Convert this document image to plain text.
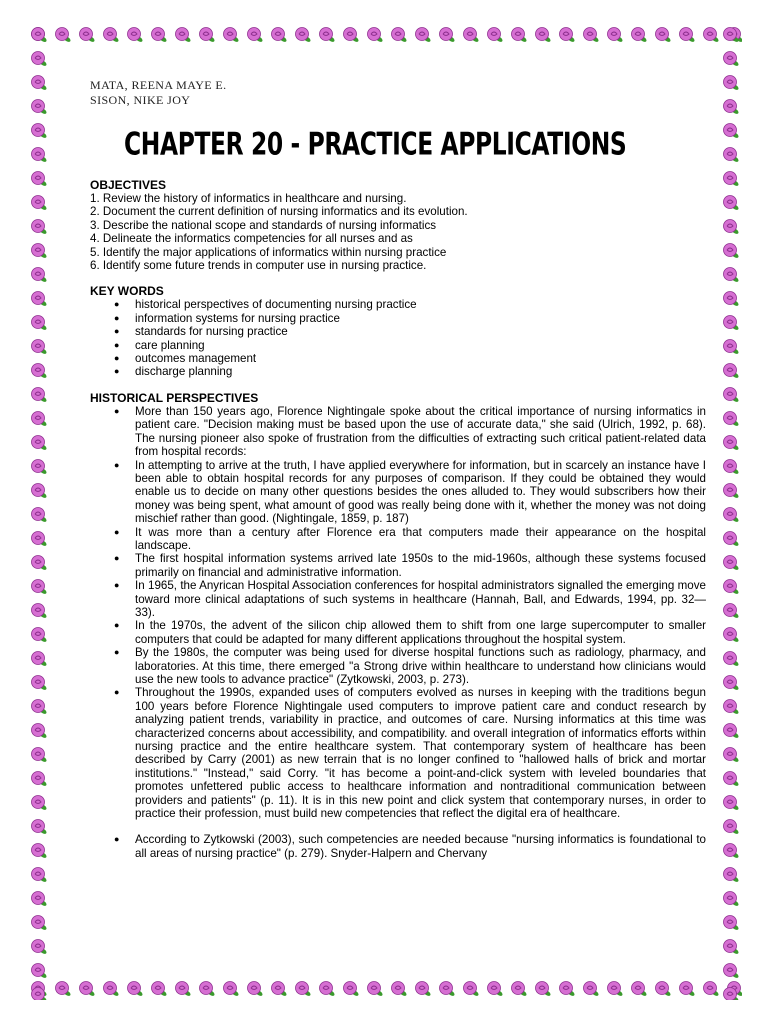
MATA, REENA MAYE E.
SISON, NIKE JOY
CHAPTER 20 - PRACTICE APPLICATIONS
OBJECTIVES
1. Review the history of informatics in healthcare and nursing.
2. Document the current definition of nursing informatics and its evolution.
3. Describe the national scope and standards of nursing informatics
4. Delineate the informatics competencies for all nurses and as
5. Identify the major applications of informatics within nursing practice
6. Identify some future trends in computer use in nursing practice.
KEY WORDS
● historical perspectives of documenting nursing practice
● information systems for nursing practice
● standards for nursing practice
● care planning
● outcomes management
● discharge planning
HISTORICAL PERSPECTIVES
● More than 150 years ago, Florence Nightingale spoke about the critical importance of nursing informatics in patient care. "Decision making must be based upon the use of accurate data," she said (Ulrich, 1992, p. 68). The nursing pioneer also spoke of frustration from the difficulties of extracting such critical patient-related data from hospital records:
● In attempting to arrive at the truth, I have applied everywhere for information, but in scarcely an instance have I been able to obtain hospital records for any purposes of comparison. If they could be obtained they would enable us to decide on many other questions besides the ones alluded to. They would subscribers how their money was being spent, what amount of good was really being done with it, whether the money was not doing mischief rather than good. (Nightingale, 1859, p. 187)
● It was more than a century after Florence era that computers made their appearance on the hospital landscape.
● The first hospital information systems arrived late 1950s to the mid-1960s, although these systems focused primarily on financial and administrative information.
● In 1965, the Anyrican Hospital Association conferences for hospital administrators signalled the emerging move toward more clinical adaptations of such systems in healthcare (Hannah, Ball, and Edwards, 1994, pp. 32—33).
● In the 1970s, the advent of the silicon chip allowed them to shift from one large supercomputer to smaller computers that could be adapted for many different applications throughout the hospital system.
● By the 1980s, the computer was being used for diverse hospital functions such as radiology, pharmacy, and laboratories. At this time, there emerged "a Strong drive within healthcare to understand how clinicians would use the new tools to advance practice" (Zytkowski, 2003, p. 273).
● Throughout the 1990s, expanded uses of computers evolved as nurses in keeping with the traditions begun 100 years before Florence Nightingale used computers to improve patient care and conduct research by analyzing patient trends, variability in practice, and outcomes of care. Nursing informatics at this time was characterized concerns about accessibility, and compatibility. and overall integration of informatics efforts within nursing practice and the entire healthcare system. That contemporary system of healthcare has been described by Carry (2001) as new terrain that is no longer confined to "hallowed halls of brick and mortar institutions." "Instead," said Corry. "it has become a point-and-click system with leveled boundaries that promotes unfettered public access to healthcare information and nontraditional communication between providers and patients" (p. 11). It is in this new point and click system that contemporary nurses, in order to practice their profession, must build new competencies that reflect the digital era of healthcare.
● According to Zytkowski (2003), such competencies are needed because "nursing informatics is foundational to all areas of nursing practice" (p. 279). Snyder-Halpern and Chervany
